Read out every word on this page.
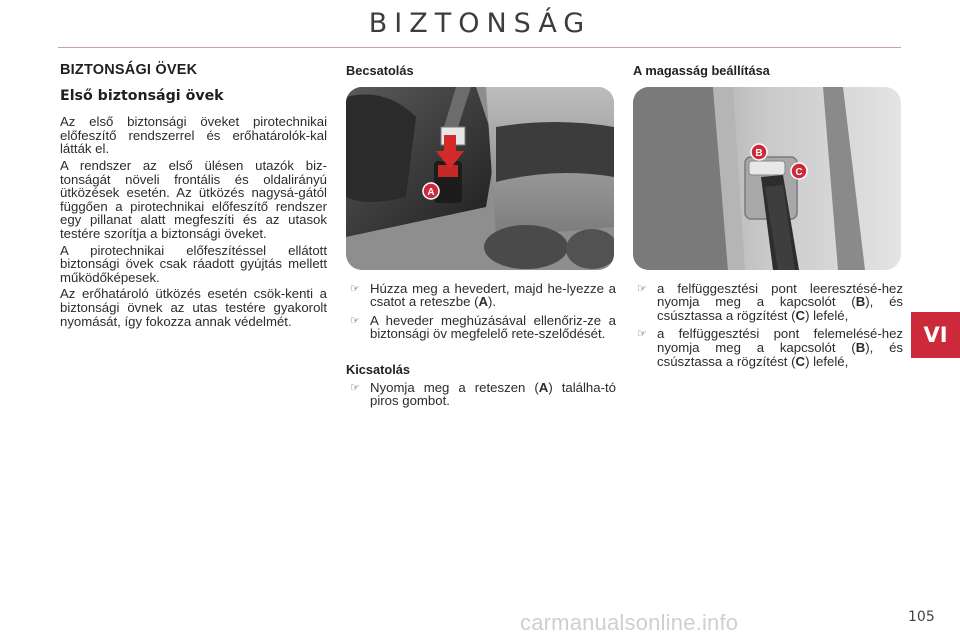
BIZTONSÁG
VI
BIZTONSÁGI ÖVEK
Első biztonsági övek

Az első biztonsági öveket pirotechnikai előfeszítő rendszerrel és erőhatárolók-kal látták el.

A rendszer az első ülésen utazók biz-tonságát növeli frontális és oldalirányú ütközések esetén. Az ütközés nagysá-gától függően a pirotechnikai előfeszítő rendszer egy pillanat alatt megfeszíti és az utasok testére szorítja a biztonsági öveket.

A pirotechnikai előfeszítéssel ellátott biztonsági övek csak ráadott gyújtás mellett működőképesek.

Az erőhatároló ütközés esetén csök-kenti a biztonsági övnek az utas testére gyakorolt nyomását, így fokozza annak védelmét.

Becsatolás
A
☞ Húzza meg a hevedert, majd he-lyezze a csatot a reteszbe (A).
☞ A heveder meghúzásával ellenőriz-ze a biztonsági öv megfelelő rete-szelődését.
Kicsatolás
☞ Nyomja meg a reteszen (A) találha-tó piros gombot.
A magasság beállítása
B
C
☞ a felfüggesztési pont leeresztésé-hez nyomja meg a kapcsolót (B), és csúsztassa a rögzítést (C) lefelé,
☞ a felfüggesztési pont felemelésé-hez nyomja meg a kapcsolót (B), és csúsztassa a rögzítést (C) lefelé,
carmanualsonline.info	105
